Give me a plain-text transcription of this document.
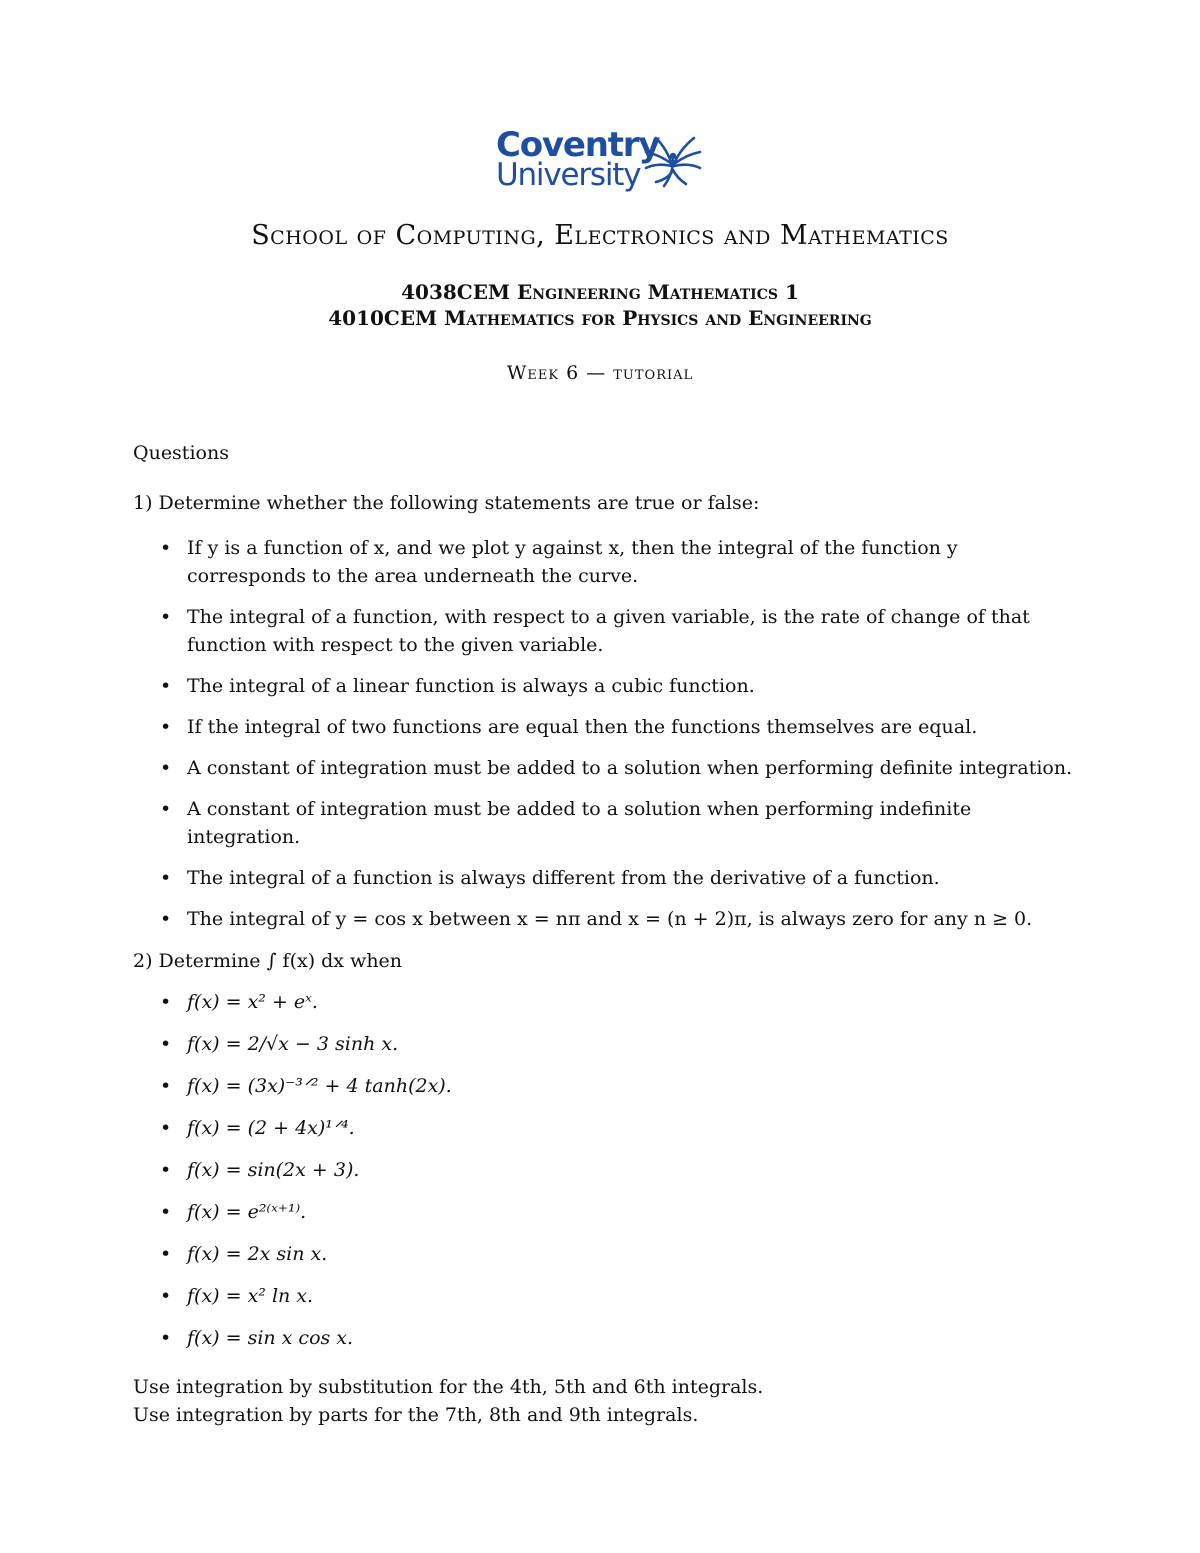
Coventry
University
School of Computing, Electronics and Mathematics
4038CEM Engineering Mathematics 1
4010CEM Mathematics for Physics and Engineering
Week 6 — tutorial
Questions
1) Determine whether the following statements are true or false:
• If y is a function of x, and we plot y against x, then the integral of the function y corresponds to the area underneath the curve.
• The integral of a function, with respect to a given variable, is the rate of change of that function with respect to the given variable.
• The integral of a linear function is always a cubic function.
• If the integral of two functions are equal then the functions themselves are equal.
• A constant of integration must be added to a solution when performing definite integration.
• A constant of integration must be added to a solution when performing indefinite integration.
• The integral of a function is always different from the derivative of a function.
• The integral of y = cos x between x = nπ and x = (n + 2)π, is always zero for any n ≥ 0.
2) Determine ∫ f(x) dx when
• f(x) = x² + eˣ.
• f(x) = 2/√x − 3 sinh x.
• f(x) = (3x)⁻³ᐟ² + 4 tanh(2x).
• f(x) = (2 + 4x)¹ᐟ⁴.
• f(x) = sin(2x + 3).
• f(x) = e²⁽ˣ⁺¹⁾.
• f(x) = 2x sin x.
• f(x) = x² ln x.
• f(x) = sin x cos x.
Use integration by substitution for the 4th, 5th and 6th integrals.
Use integration by parts for the 7th, 8th and 9th integrals.
